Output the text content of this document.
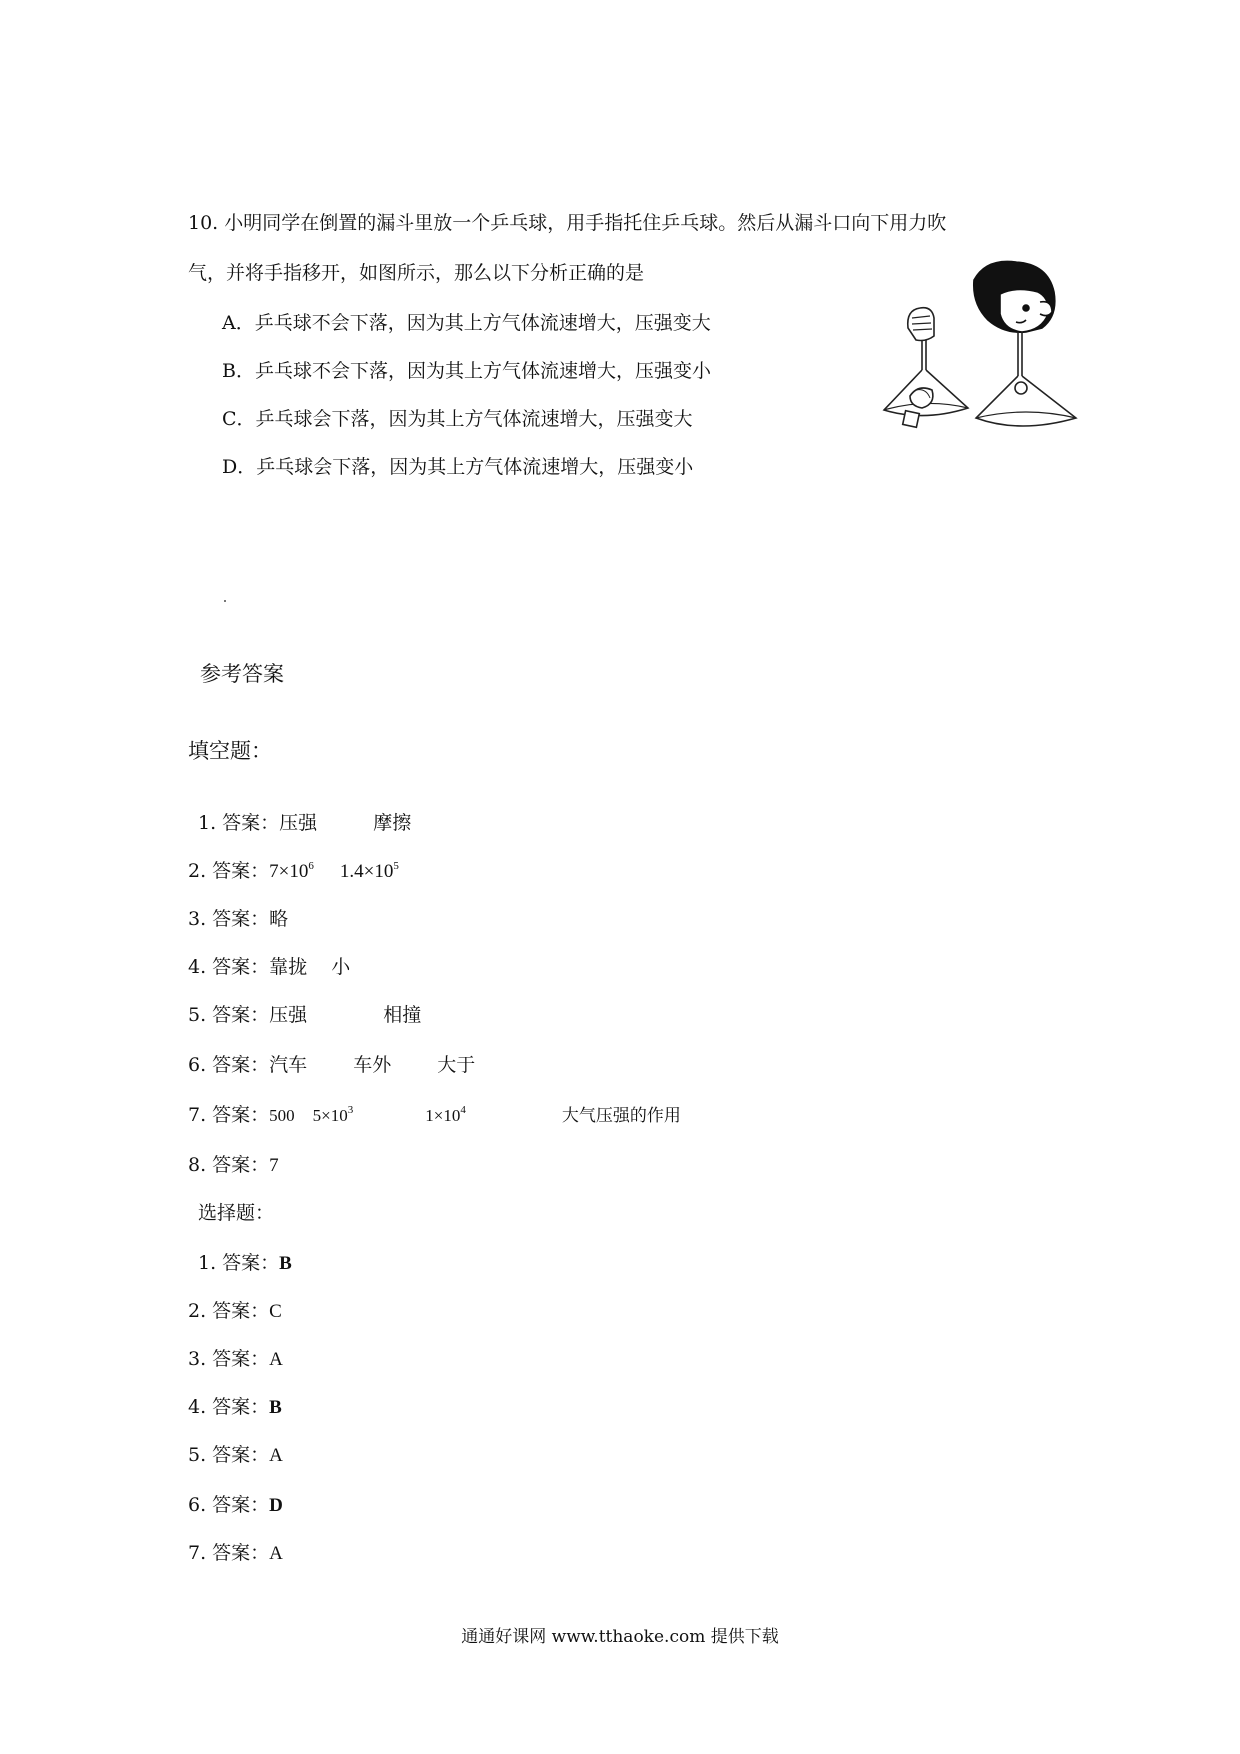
10. 小明同学在倒置的漏斗里放一个乒乓球，用手指托住乒乓球。然后从漏斗口向下用力吹
气，并将手指移开，如图所示，那么以下分析正确的是
A．乒乓球不会下落，因为其上方气体流速增大，压强变大
B．乒乓球不会下落，因为其上方气体流速增大，压强变小
C．乒乓球会下落，因为其上方气体流速增大，压强变大
D．乒乓球会下落，因为其上方气体流速增大，压强变小
参考答案
填空题：
1. 答案：压强	摩擦
2. 答案：$7\times 10^6$ $1.4\times 10^5$
3. 答案：略
4. 答案：靠拢 小
5. 答案：压强	相撞
6. 答案：汽车 车外 大于
7. 答案：500 $5\times 10^3$	$1\times 10^4$	大气压强的作用
8. 答案：7
选择题：
1. 答案：B
2. 答案：C
3. 答案：A
4. 答案：B
5. 答案：A
6. 答案：D
7. 答案：A
通通好课网 www.tthaoke.com 提供下载
